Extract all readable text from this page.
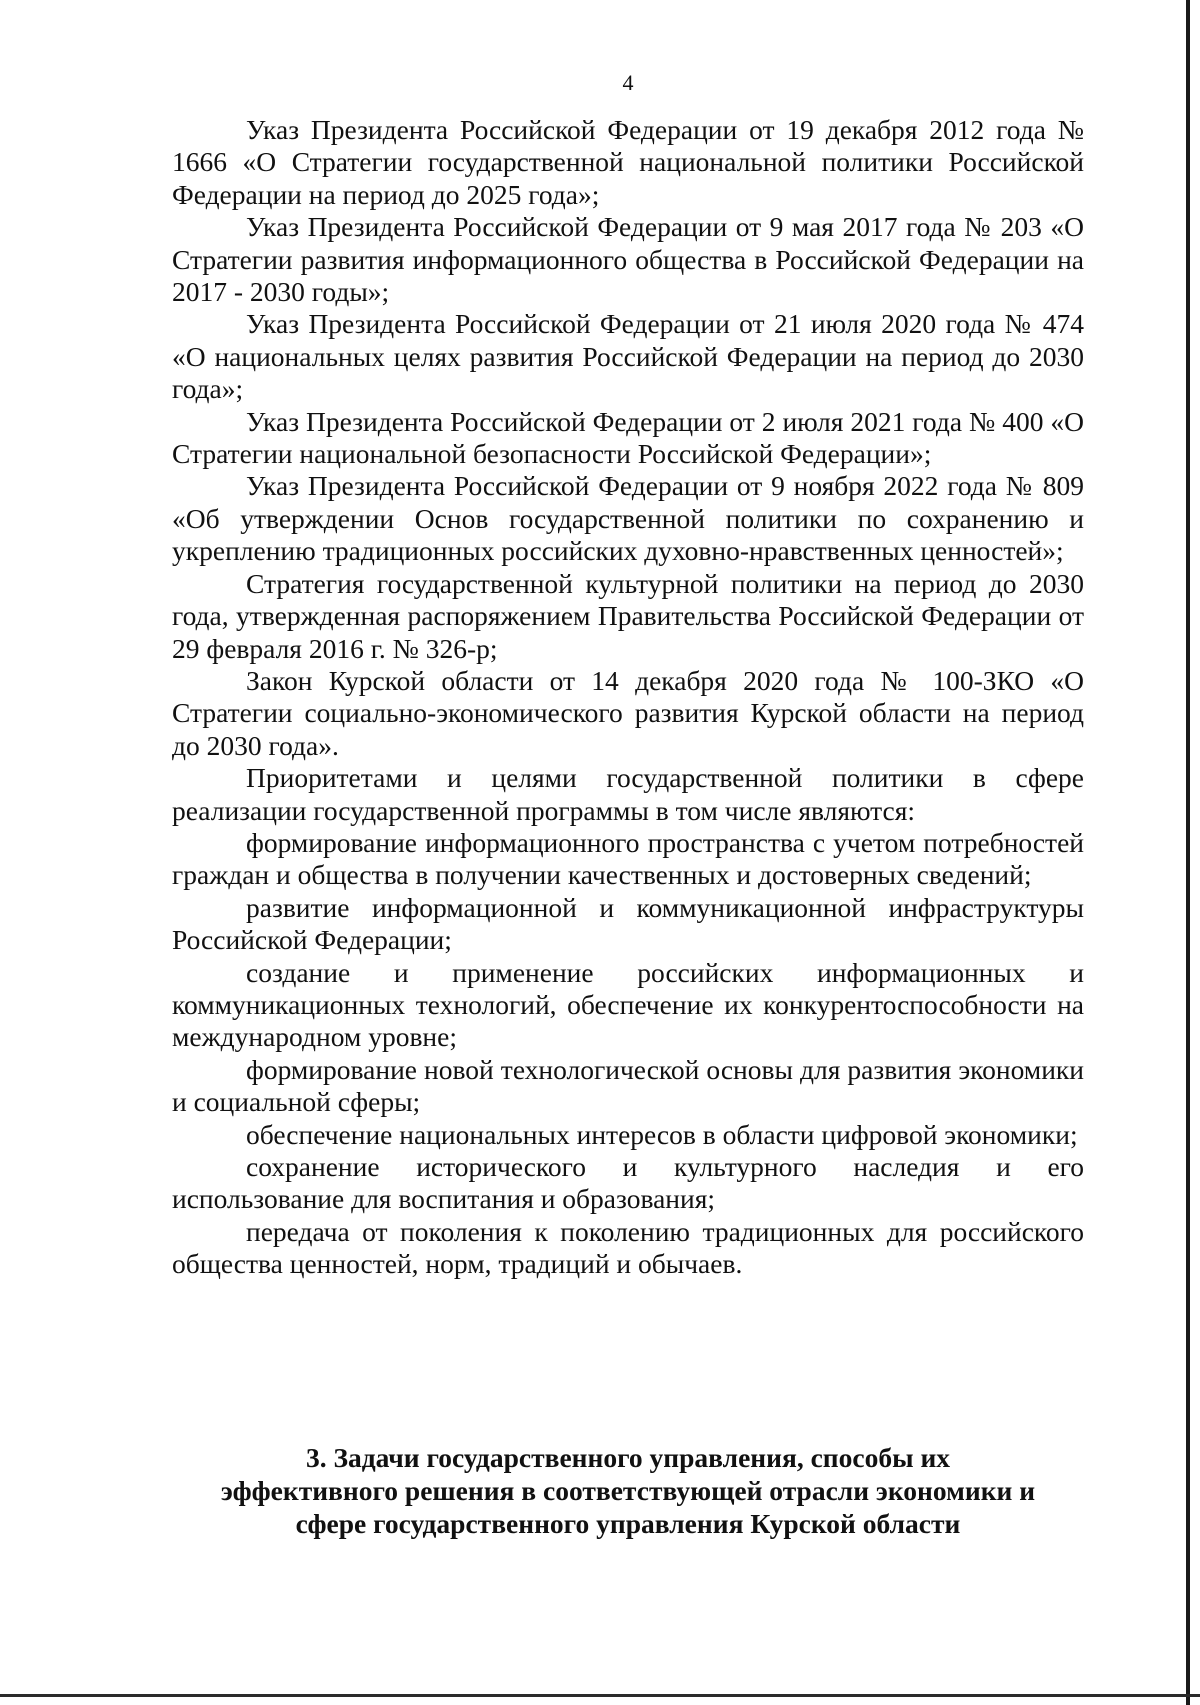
4

Указ Президента Российской Федерации от 19 декабря 2012 года № 1666 «О Стратегии государственной национальной политики Российской Федерации на период до 2025 года»;

Указ Президента Российской Федерации от 9 мая 2017 года № 203 «О Стратегии развития информационного общества в Российской Федерации на 2017 - 2030 годы»;

Указ Президента Российской Федерации от 21 июля 2020 года № 474 «О национальных целях развития Российской Федерации на период до 2030 года»;

Указ Президента Российской Федерации от 2 июля 2021 года № 400 «О Стратегии национальной безопасности Российской Федерации»;

Указ Президента Российской Федерации от 9 ноября 2022 года № 809 «Об утверждении Основ государственной политики по сохранению и укреплению традиционных российских духовно-нравственных ценностей»;

Стратегия государственной культурной политики на период до 2030 года, утвержденная распоряжением Правительства Российской Федерации от 29 февраля 2016 г. № 326-р;

Закон Курской области от 14 декабря 2020 года № 100-ЗКО «О Стратегии социально-экономического развития Курской области на период до 2030 года».

Приоритетами и целями государственной политики в сфере реализации государственной программы в том числе являются:

формирование информационного пространства с учетом потребностей граждан и общества в получении качественных и достоверных сведений;

развитие информационной и коммуникационной инфраструктуры Российской Федерации;

создание и применение российских информационных и коммуникационных технологий, обеспечение их конкурентоспособности на международном уровне;

формирование новой технологической основы для развития экономики и социальной сферы;

обеспечение национальных интересов в области цифровой экономики;

сохранение исторического и культурного наследия и его использование для воспитания и образования;

передача от поколения к поколению традиционных для российского общества ценностей, норм, традиций и обычаев.

3. Задачи государственного управления, способы их
эффективного решения в соответствующей отрасли экономики и
сфере государственного управления Курской области
